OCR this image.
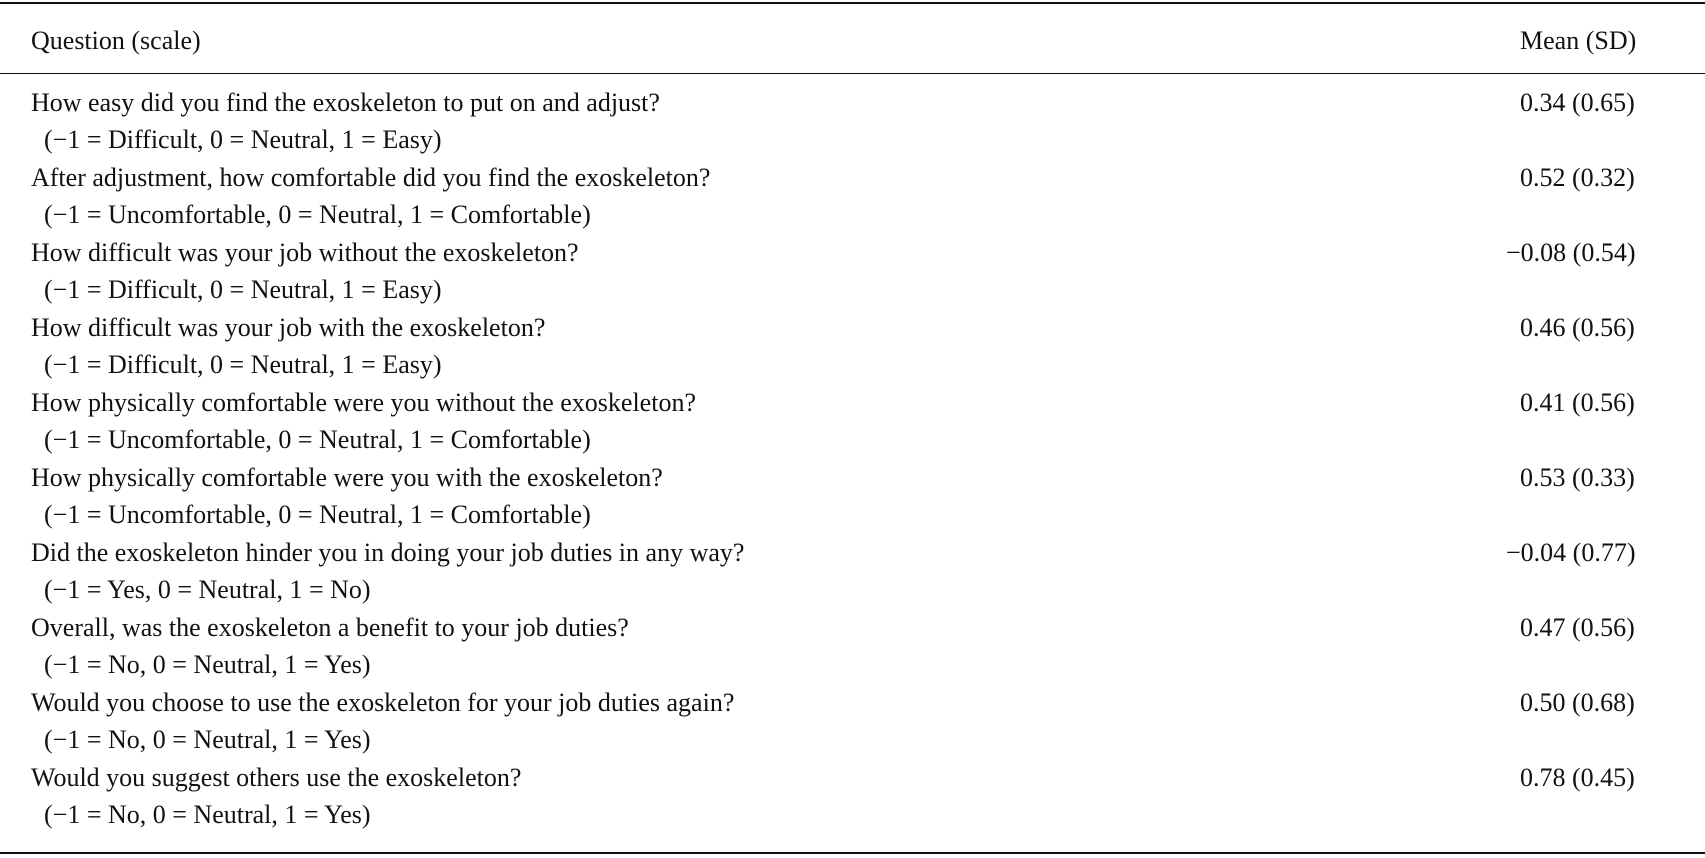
Question (scale)	Mean (SD)
How easy did you find the exoskeleton to put on and adjust?
(−1 = Difficult, 0 = Neutral, 1 = Easy)
0.34 (0.65)
After adjustment, how comfortable did you find the exoskeleton?
(−1 = Uncomfortable, 0 = Neutral, 1 = Comfortable)
0.52 (0.32)
How difficult was your job without the exoskeleton?
(−1 = Difficult, 0 = Neutral, 1 = Easy)
−0.08 (0.54)
How difficult was your job with the exoskeleton?
(−1 = Difficult, 0 = Neutral, 1 = Easy)
0.46 (0.56)
How physically comfortable were you without the exoskeleton?
(−1 = Uncomfortable, 0 = Neutral, 1 = Comfortable)
0.41 (0.56)
How physically comfortable were you with the exoskeleton?
(−1 = Uncomfortable, 0 = Neutral, 1 = Comfortable)
0.53 (0.33)
Did the exoskeleton hinder you in doing your job duties in any way?
(−1 = Yes, 0 = Neutral, 1 = No)
−0.04 (0.77)
Overall, was the exoskeleton a benefit to your job duties?
(−1 = No, 0 = Neutral, 1 = Yes)
0.47 (0.56)
Would you choose to use the exoskeleton for your job duties again?
(−1 = No, 0 = Neutral, 1 = Yes)
0.50 (0.68)
Would you suggest others use the exoskeleton?
(−1 = No, 0 = Neutral, 1 = Yes)
0.78 (0.45)
